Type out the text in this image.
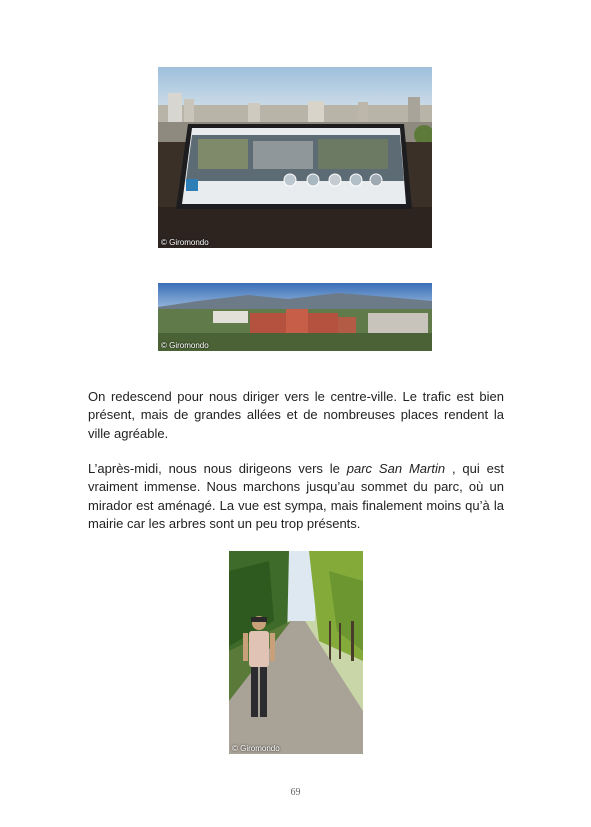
© Giromondo
© Giromondo

On redescend pour nous diriger vers le centre-ville. Le trafic est bien présent, mais de grandes allées et de nombreuses places rendent la ville agréable.

L’après-midi, nous nous dirigeons vers le parc San Martin , qui est vraiment immense. Nous marchons jusqu’au sommet du parc, où un mirador est aménagé. La vue est sympa, mais finalement moins qu’à la mairie car les arbres sont un peu trop présents.

© Giromondo
69
